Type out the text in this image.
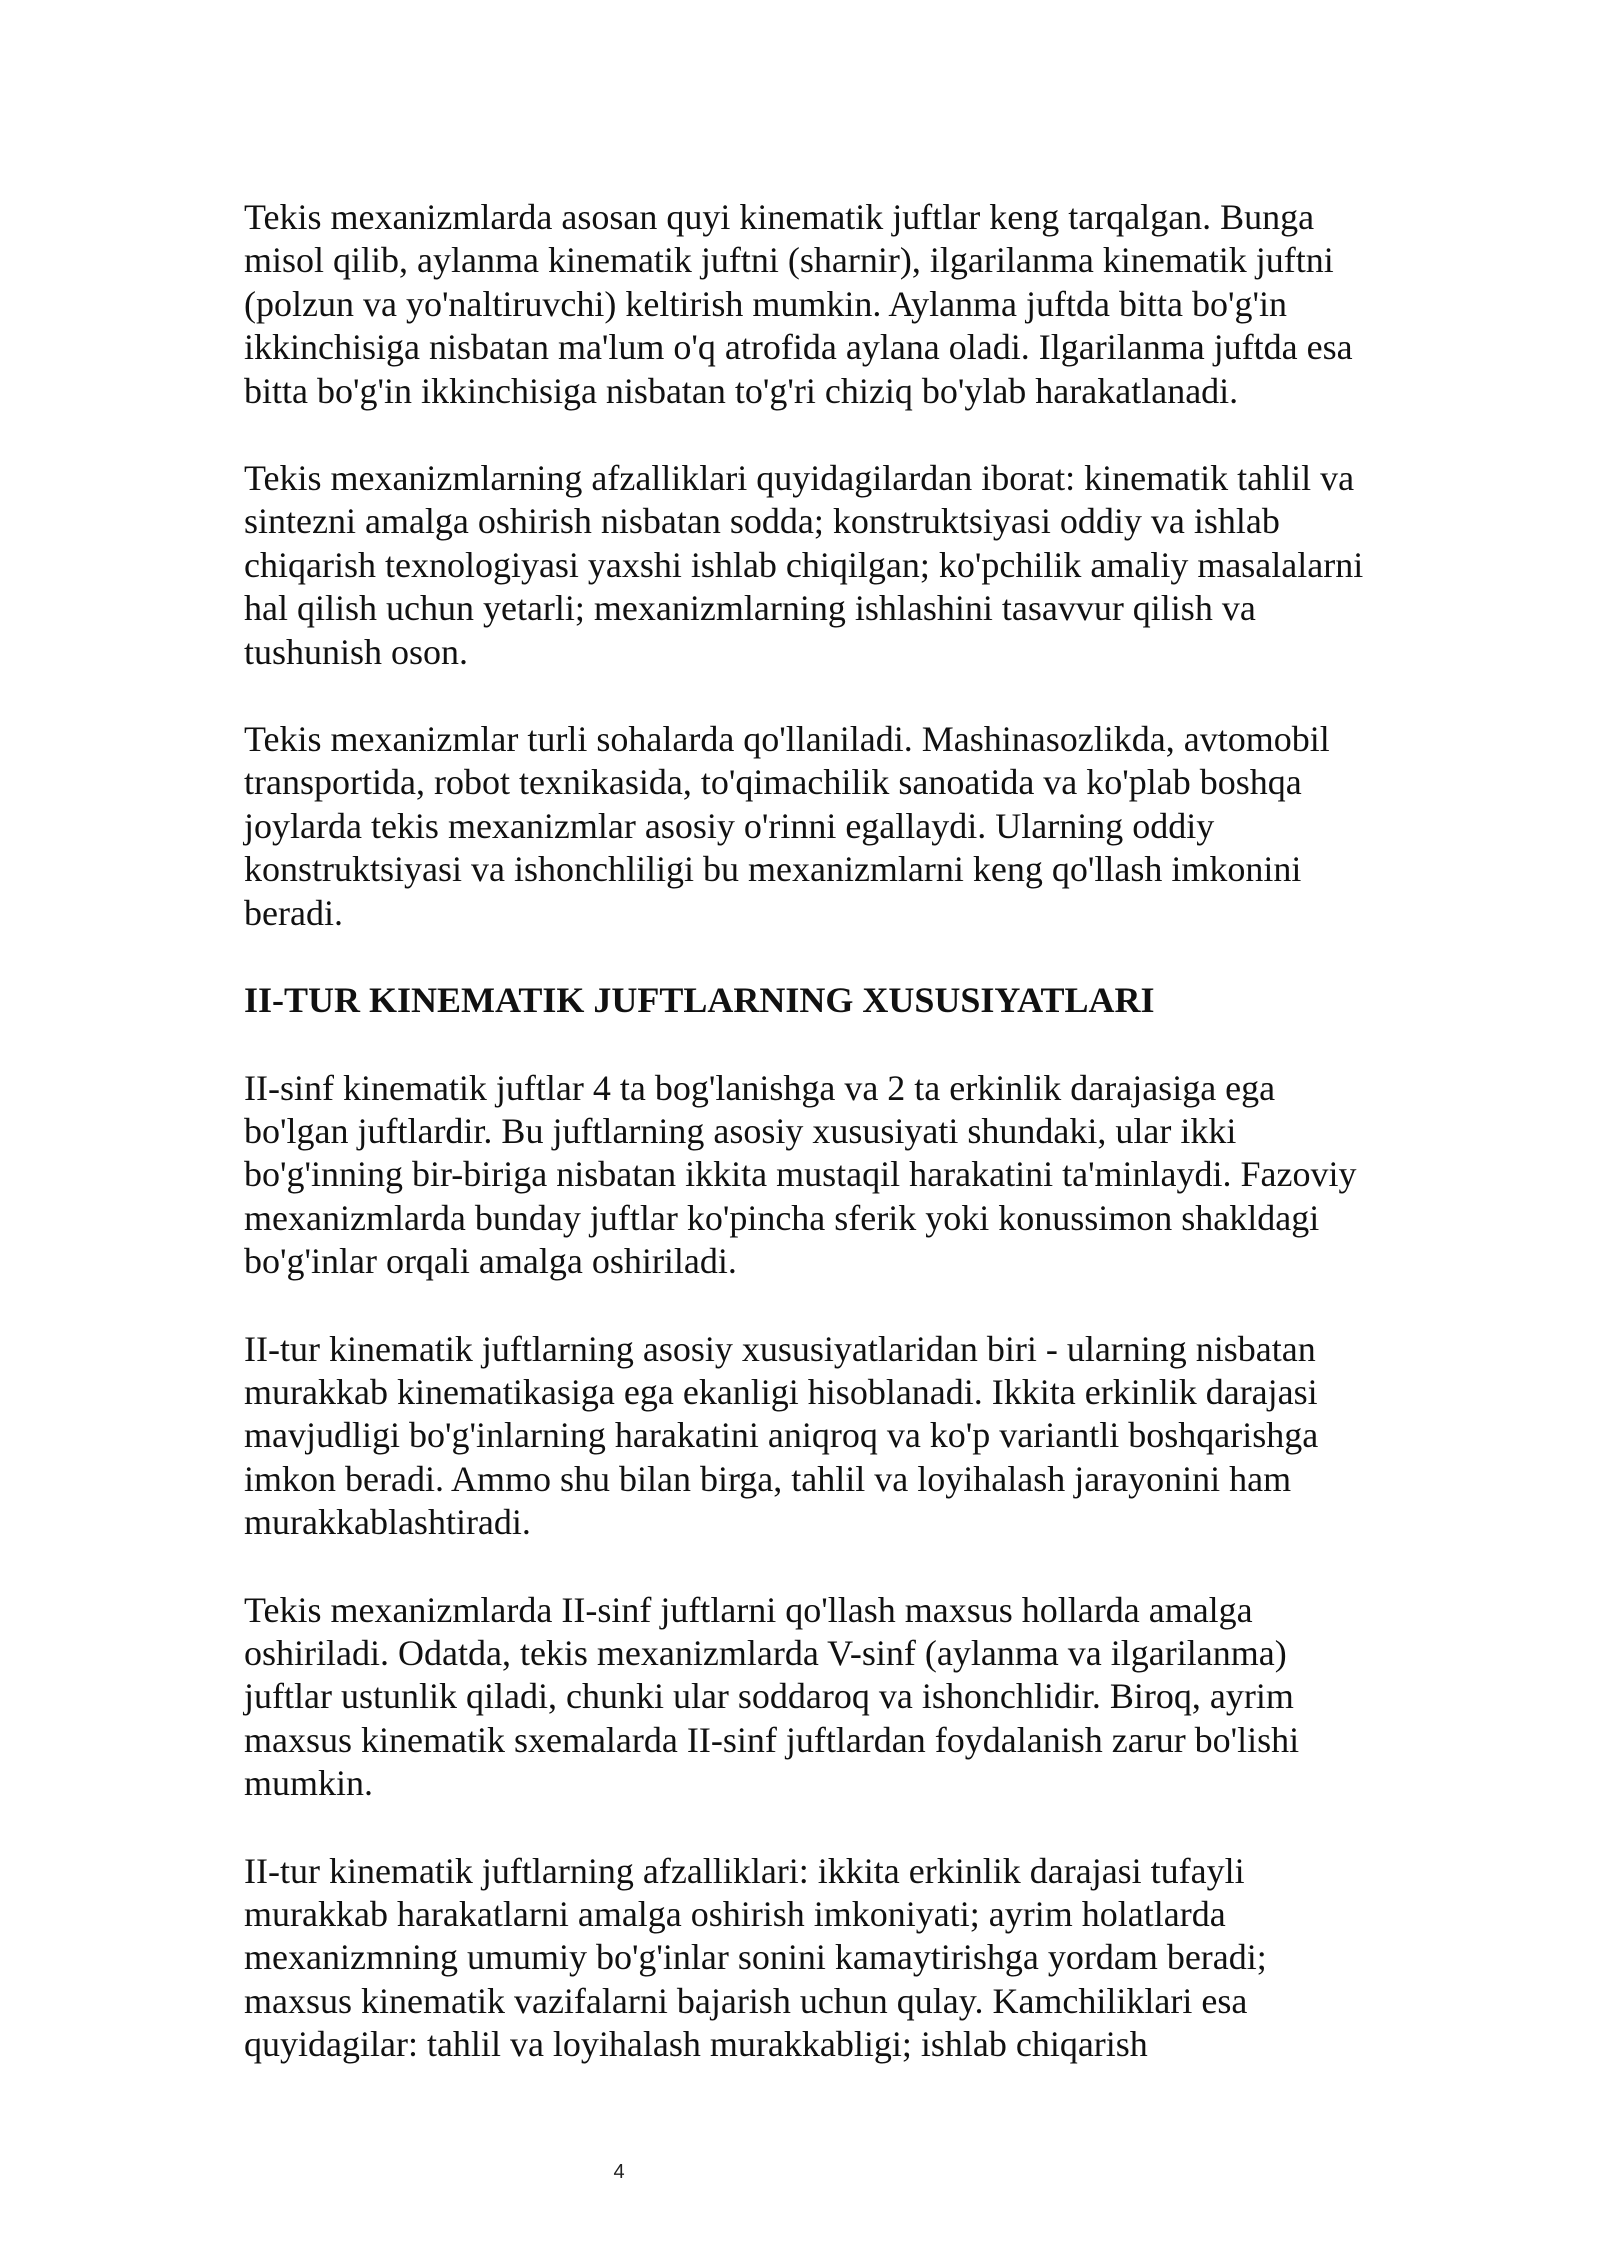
Tekis mexanizmlarda asosan quyi kinematik juftlar keng tarqalgan. Bunga misol qilib, aylanma kinematik juftni (sharnir), ilgarilanma kinematik juftni (polzun va yo'naltiruvchi) keltirish mumkin. Aylanma juftda bitta bo'g'in ikkinchisiga nisbatan ma'lum o'q atrofida aylana oladi. Ilgarilanma juftda esa bitta bo'g'in ikkinchisiga nisbatan to'g'ri chiziq bo'ylab harakatlanadi.

Tekis mexanizmlarning afzalliklari quyidagilardan iborat: kinematik tahlil va sintezni amalga oshirish nisbatan sodda; konstruktsiyasi oddiy va ishlab chiqarish texnologiyasi yaxshi ishlab chiqilgan; ko'pchilik amaliy masalalarni hal qilish uchun yetarli; mexanizmlarning ishlashini tasavvur qilish va tushunish oson.

Tekis mexanizmlar turli sohalarda qo'llaniladi. Mashinasozlikda, avtomobil transportida, robot texnikasida, to'qimachilik sanoatida va ko'plab boshqa joylarda tekis mexanizmlar asosiy o'rinni egallaydi. Ularning oddiy konstruktsiyasi va ishonchliligi bu mexanizmlarni keng qo'llash imkonini beradi.

II-TUR KINEMATIK JUFTLARNING XUSUSIYATLARI

II-sinf kinematik juftlar 4 ta bog'lanishga va 2 ta erkinlik darajasiga ega bo'lgan juftlardir. Bu juftlarning asosiy xususiyati shundaki, ular ikki bo'g'inning bir-biriga nisbatan ikkita mustaqil harakatini ta'minlaydi. Fazoviy mexanizmlarda bunday juftlar ko'pincha sferik yoki konussimon shakldagi bo'g'inlar orqali amalga oshiriladi.

II-tur kinematik juftlarning asosiy xususiyatlaridan biri - ularning nisbatan murakkab kinematikasiga ega ekanligi hisoblanadi. Ikkita erkinlik darajasi mavjudligi bo'g'inlarning harakatini aniqroq va ko'p variantli boshqarishga imkon beradi. Ammo shu bilan birga, tahlil va loyihalash jarayonini ham murakkablashtiradi.

Tekis mexanizmlarda II-sinf juftlarni qo'llash maxsus hollarda amalga oshiriladi. Odatda, tekis mexanizmlarda V-sinf (aylanma va ilgarilanma) juftlar ustunlik qiladi, chunki ular soddaroq va ishonchlidir. Biroq, ayrim maxsus kinematik sxemalarda II-sinf juftlardan foydalanish zarur bo'lishi mumkin.

II-tur kinematik juftlarning afzalliklari: ikkita erkinlik darajasi tufayli murakkab harakatlarni amalga oshirish imkoniyati; ayrim holatlarda mexanizmning umumiy bo'g'inlar sonini kamaytirishga yordam beradi; maxsus kinematik vazifalarni bajarish uchun qulay. Kamchiliklari esa quyidagilar: tahlil va loyihalash murakkabligi; ishlab chiqarish

4
